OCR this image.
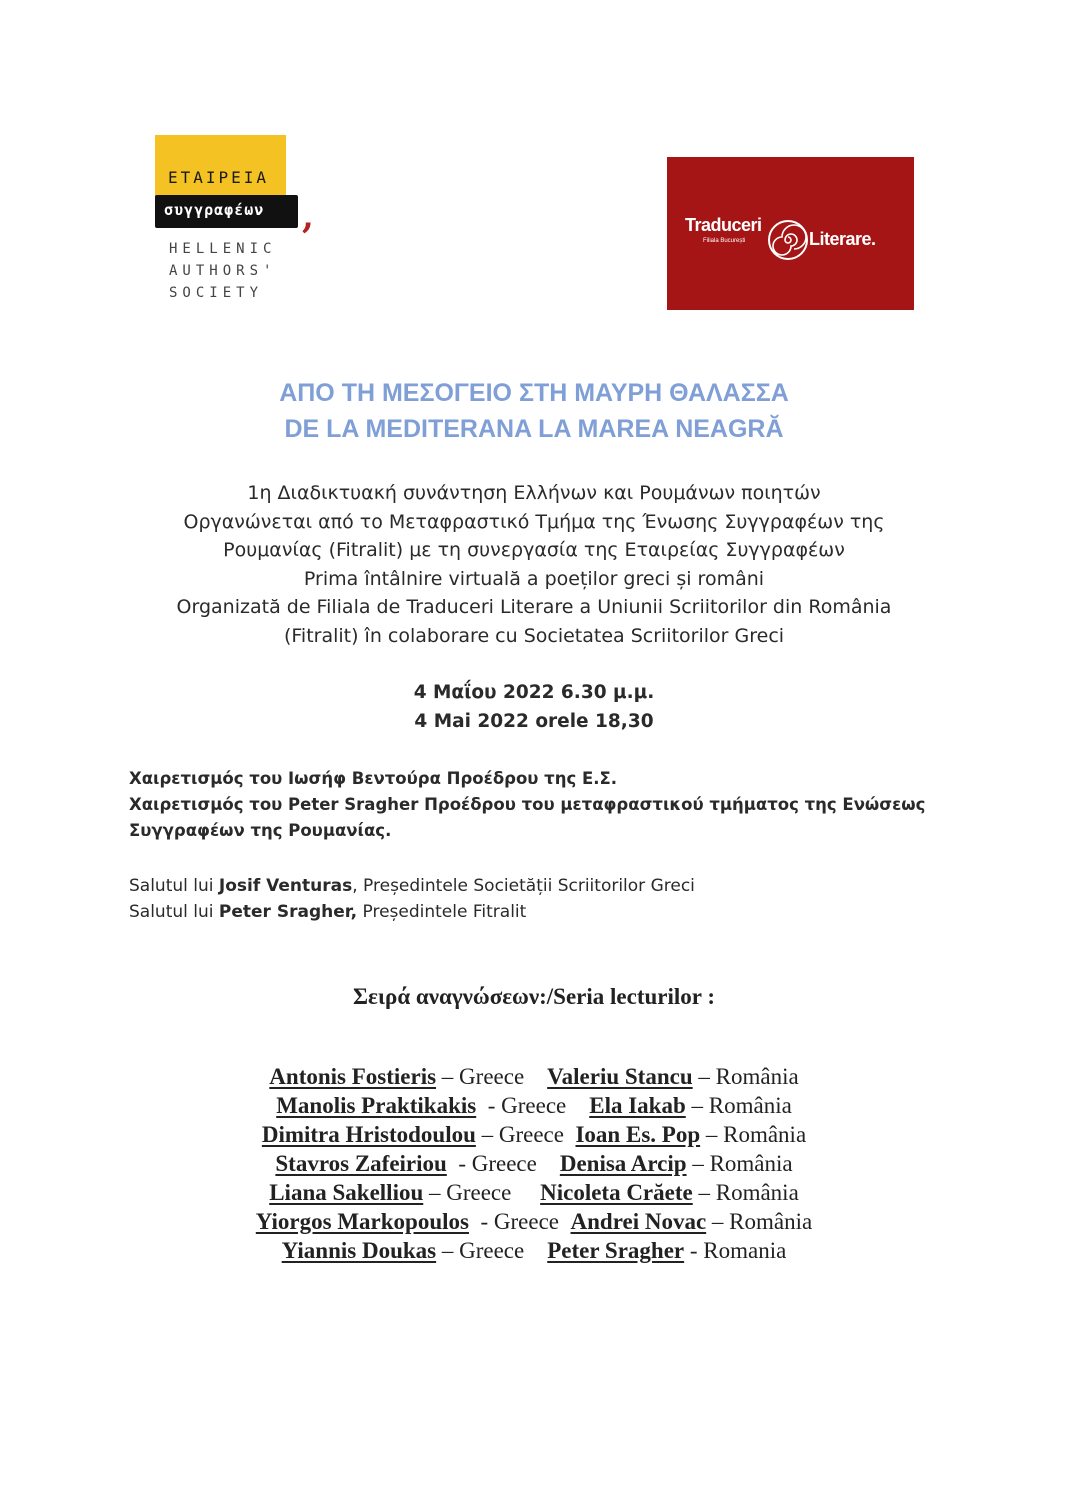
ΕΤΑΙΡΕΙΑ
συγγραφέων ,
HELLENIC
AUTHORS'
SOCIETY
Traduceri
Filiala București	Literare.
ΑΠΟ ΤΗ ΜΕΣΟΓΕΙΟ ΣΤΗ ΜΑΥΡΗ ΘΑΛΑΣΣΑ
DE LA MEDITERANA LA MAREA NEAGRĂ
1η Διαδικτυακή συνάντηση Ελλήνων και Ρουμάνων ποιητών
Οργανώνεται από το Μεταφραστικό Τμήμα της Ένωσης Συγγραφέων της
Ρουμανίας (Fitralit) με τη συνεργασία της Εταιρείας Συγγραφέων
Prima întâlnire virtuală a poeților greci și români
Organizată de Filiala de Traduceri Literare a Uniunii Scriitorilor din România
(Fitralit) în colaborare cu Societatea Scriitorilor Greci
4 Μαΐου 2022 6.30 μ.μ.
4 Mai 2022 orele 18,30
Χαιρετισμός του Ιωσήφ Βεντούρα Προέδρου της Ε.Σ.
Χαιρετισμός του Peter Sragher Προέδρου του μεταφραστικού τμήματος της Ενώσεως
Συγγραφέων της Ρουμανίας.
Salutul lui Josif Venturas, Președintele Societății Scriitorilor Greci
Salutul lui Peter Sragher, Președintele Fitralit
Σειρά αναγνώσεων:/Seria lecturilor :
Antonis Fostieris – Greece    Valeriu Stancu – România
Manolis Praktikakis  - Greece    Ela Iakab – România
Dimitra Hristodoulou – Greece  Ioan Es. Pop – România
Stavros Zafeiriou  - Greece    Denisa Arcip – România
Liana Sakelliou – Greece     Nicoleta Crăete – România
Yiorgos Markopoulos  - Greece  Andrei Novac – România
Yiannis Doukas – Greece    Peter Sragher - Romania
